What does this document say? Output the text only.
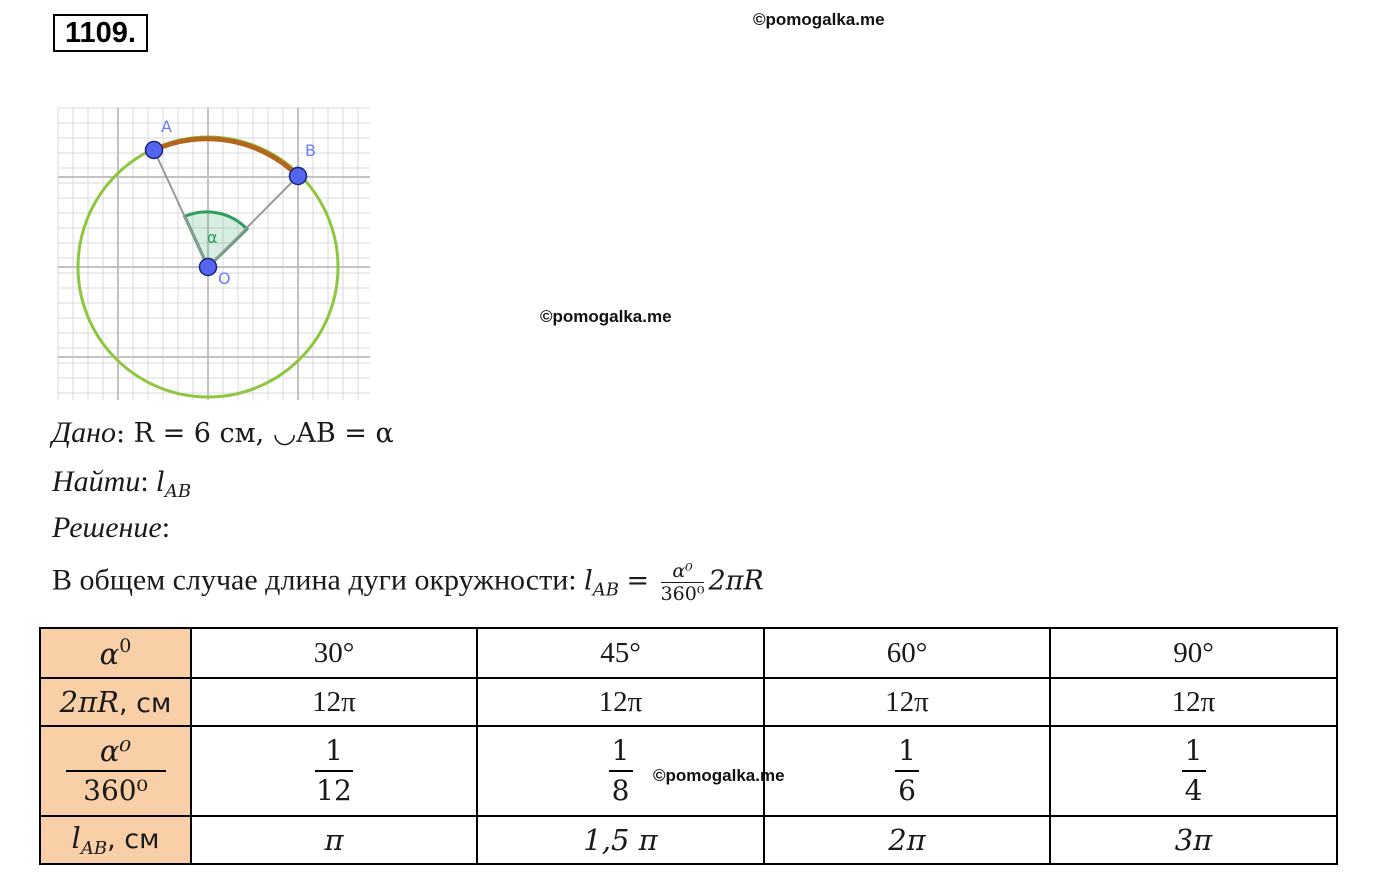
1109.	©pomogalka.me
©pomogalka.me
©pomogalka.me
A
B
O
α
Дано: R = 6 см, ◡AB = α
Найти: $l_{AB}$
Решение:
В общем случае длина дуги окружности: $l_{AB} = \frac{\text{α⁰}}{\text{360⁰}} 2\pi R$
$\alpha^0$	30°	45°	60°	90°
2πR, см	12π	12π	12π	12π

$\frac{\text{α⁰}}{\text{360⁰}}$	$\frac{1}{12}$	$\frac{1}{8}$	$\frac{1}{6}$	$\frac{1}{4}$

$l_{AB}$, см	π	1,5 π	2π	3π
